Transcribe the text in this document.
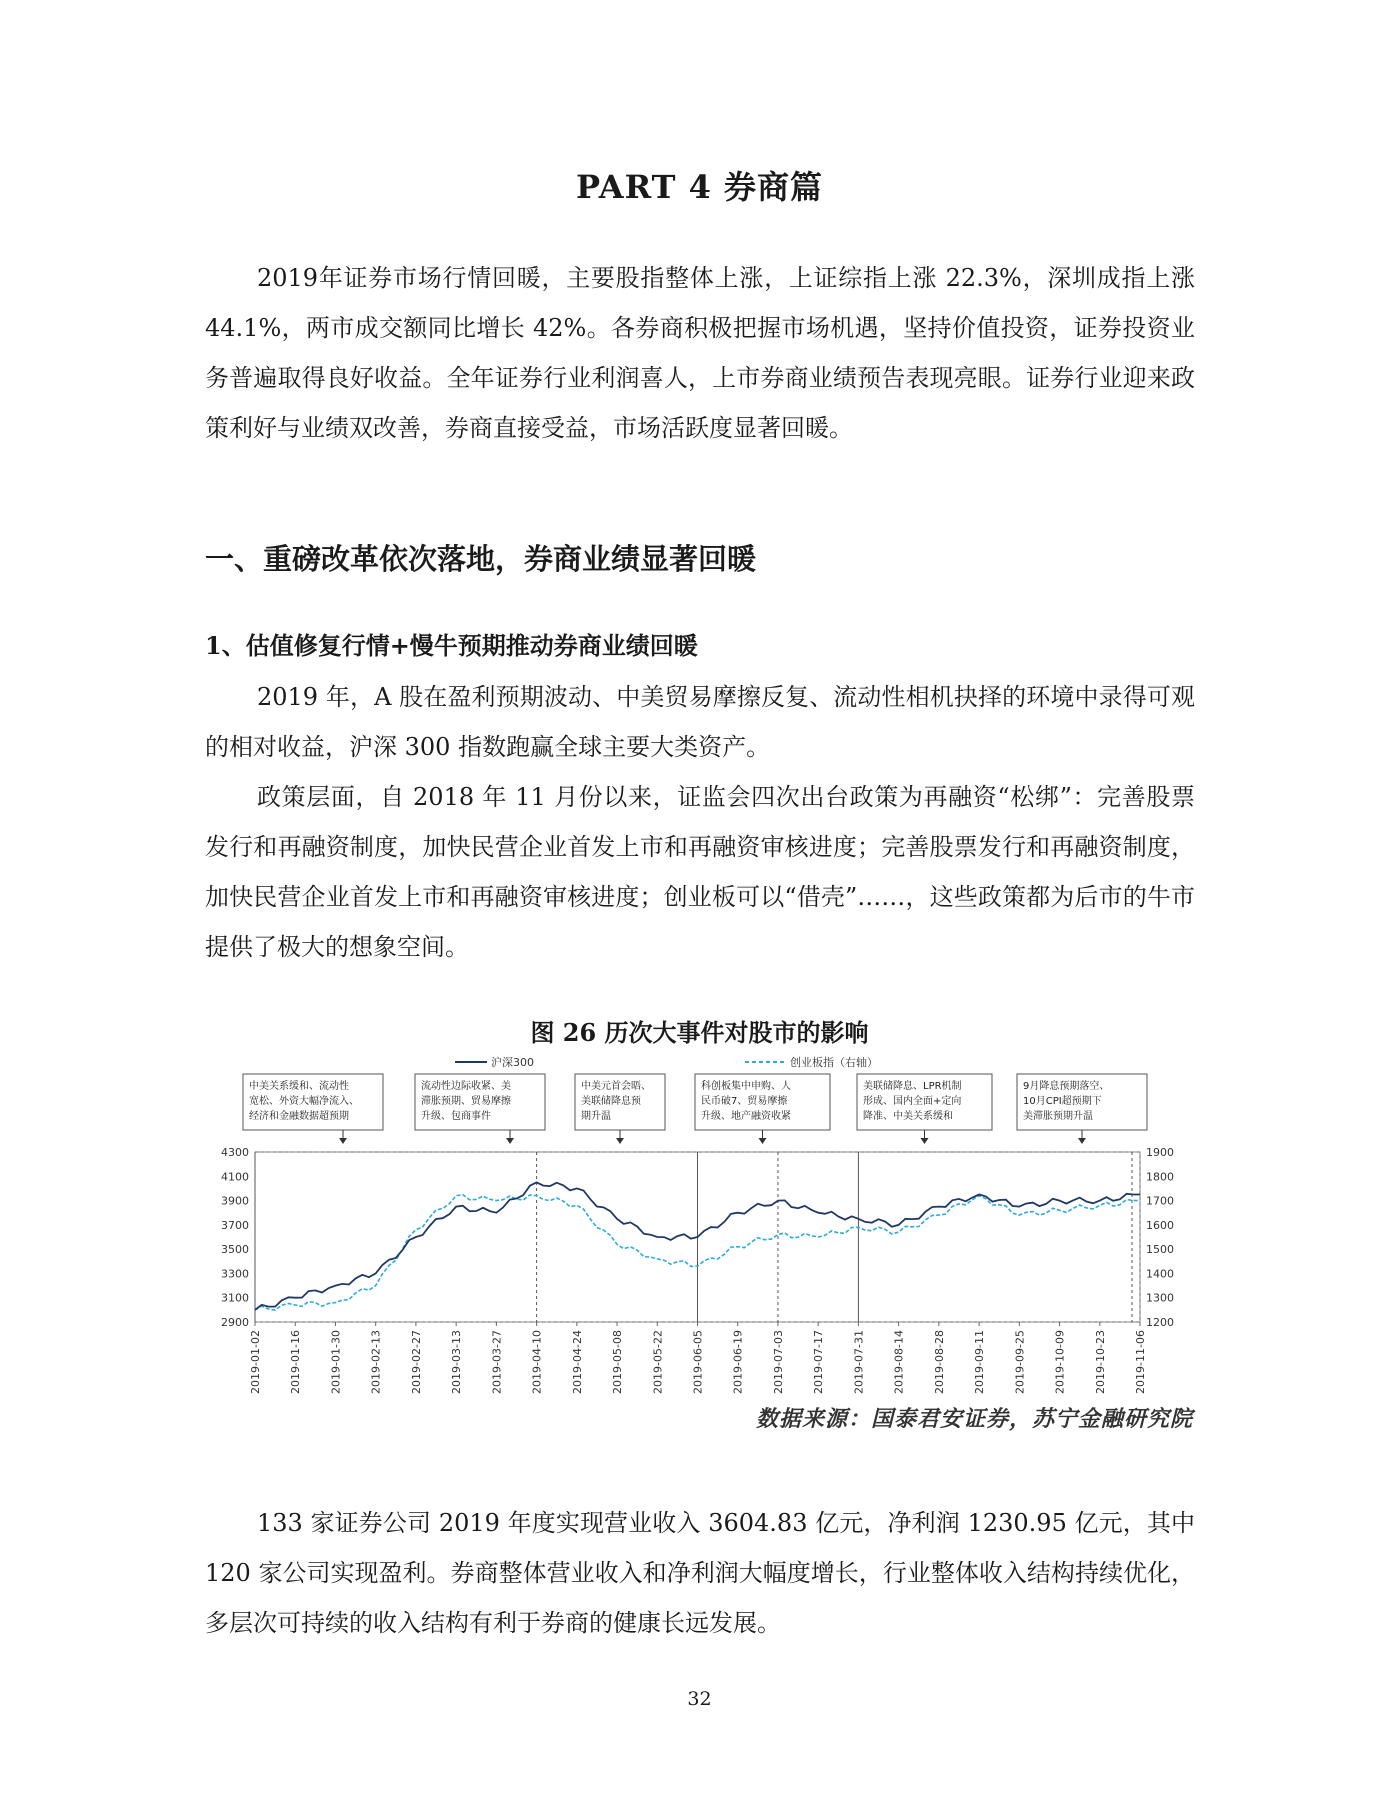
PART 4 券商篇

2019年证券市场行情回暖，主要股指整体上涨，上证综指上涨 22.3%，深圳成指上涨 44.1%，两市成交额同比增长 42%。各券商积极把握市场机遇，坚持价值投资，证券投资业务普遍取得良好收益。全年证券行业利润喜人，上市券商业绩预告表现亮眼。证券行业迎来政策利好与业绩双改善，券商直接受益，市场活跃度显著回暖。

一、重磅改革依次落地，券商业绩显著回暖
1、估值修复行情+慢牛预期推动券商业绩回暖

2019 年，A 股在盈利预期波动、中美贸易摩擦反复、流动性相机抉择的环境中录得可观的相对收益，沪深 300 指数跑赢全球主要大类资产。

政策层面，自 2018 年 11 月份以来，证监会四次出台政策为再融资“松绑”：完善股票发行和再融资制度，加快民营企业首发上市和再融资审核进度；完善股票发行和再融资制度，加快民营企业首发上市和再融资审核进度；创业板可以“借壳”……，这些政策都为后市的牛市提供了极大的想象空间。

图 26 历次大事件对股市的影响
沪深300	创业板指（右轴）
中美关系缓和、流动性
宽松、外资大幅净流入、
经济和金融数据超预期
流动性边际收紧、美
滞胀预期、贸易摩擦
升级、包商事件
中美元首会晤、
美联储降息预
期升温
科创板集中申购、人
民币破7、贸易摩擦
升级、地产融资收紧
美联储降息、LPR机制
形成、国内全面+定向
降准、中美关系缓和
9月降息预期落空、
10月CPI超预期下
美滞胀预期升温
4300
4100
3900
3700
3500
3300
3100
2900
1900
1800
1700
1600
1500
1400
1300
1200
2019-01-02 2019-01-16 2019-01-30 2019-02-13 2019-02-27 2019-03-13 2019-03-27 2019-04-10 2019-04-24 2019-05-08 2019-05-22 2019-06-05 2019-06-19 2019-07-03 2019-07-17 2019-07-31 2019-08-14 2019-08-28 2019-09-11 2019-09-25 2019-10-09 2019-10-23 2019-11-06
数据来源：国泰君安证券，苏宁金融研究院

133 家证券公司 2019 年度实现营业收入 3604.83 亿元，净利润 1230.95 亿元，其中 120 家公司实现盈利。券商整体营业收入和净利润大幅度增长，行业整体收入结构持续优化，多层次可持续的收入结构有利于券商的健康长远发展。

32
